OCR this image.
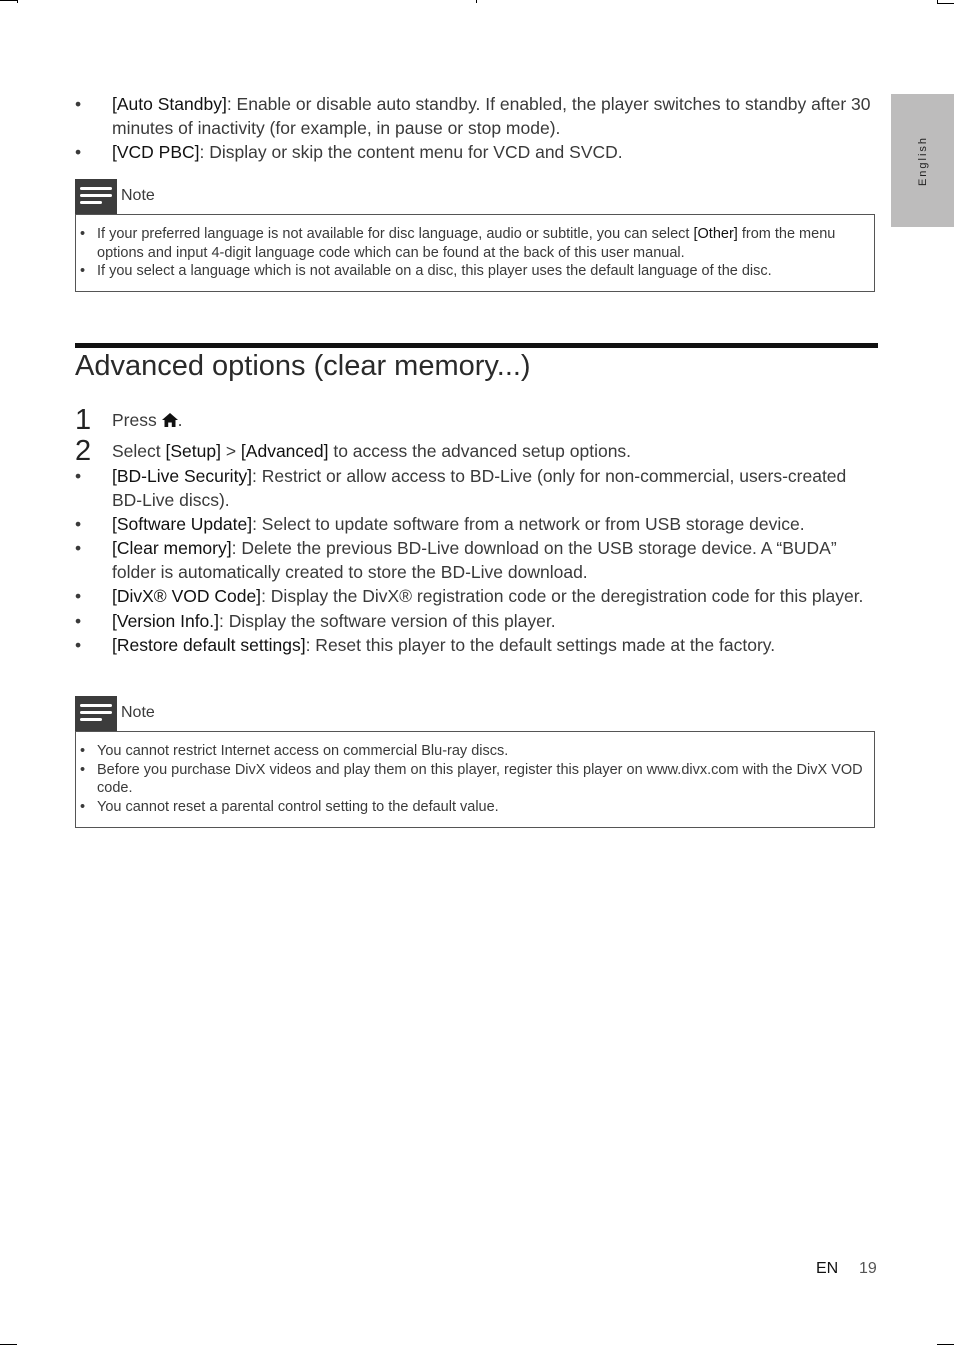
English
• [Auto Standby]: Enable or disable auto standby. If enabled, the player switches to standby after 30 minutes of inactivity (for example, in pause or stop mode).
• [VCD PBC]: Display or skip the content menu for VCD and SVCD.
Note
• If your preferred language is not available for disc language, audio or subtitle, you can select [Other] from the menu options and input 4-digit language code which can be found at the back of this user manual.
• If you select a language which is not available on a disc, this player uses the default language of the disc.
Advanced options (clear memory...)
1 Press .
2 Select [Setup] > [Advanced] to access the advanced setup options.
• [BD-Live Security]: Restrict or allow access to BD-Live (only for non-commercial, users-created BD-Live discs).
• [Software Update]: Select to update software from a network or from USB storage device.
• [Clear memory]: Delete the previous BD-Live download on the USB storage device. A “BUDA” folder is automatically created to store the BD-Live download.
• [DivX® VOD Code]: Display the DivX® registration code or the deregistration code for this player.
• [Version Info.]: Display the software version of this player.
• [Restore default settings]: Reset this player to the default settings made at the factory.
Note
• You cannot restrict Internet access on commercial Blu-ray discs.
• Before you purchase DivX videos and play them on this player, register this player on www.divx.com with the DivX VOD code.
• You cannot reset a parental control setting to the default value.
EN 19
